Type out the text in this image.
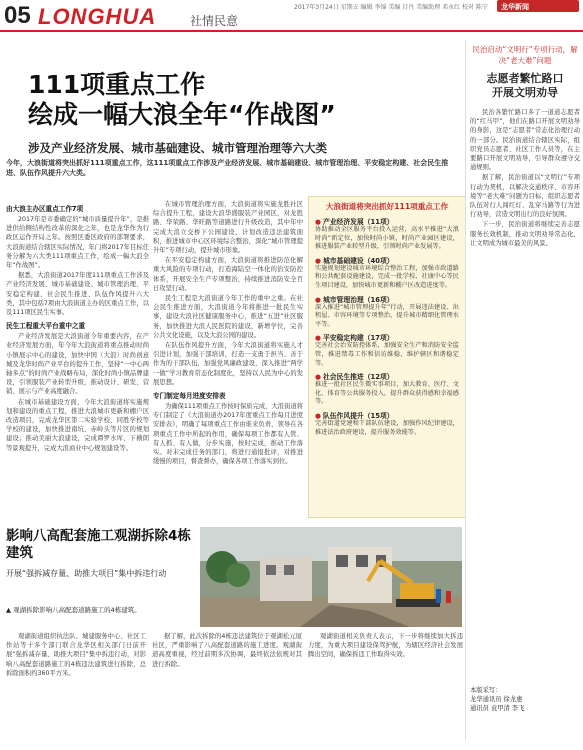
05 LONGHUA	社情民意
2017年3月24日 星期五 编辑 李锦 美编 目丹 美编助理 邓永红 校对 陈宁	龙华新闻
111项重点工作
绘成一幅大浪全年“作战图”
涉及产业经济发展、城市基础建设、城市管理治理等六大类
今年，大浪街道将突出抓好111项重点工作，这111项重点工作涉及产业经济发展、城市基础建设、城市管理治理、平安稳定构建、社会民生推进、队伍作风提升六大类。
由大浪主办区重点工作7项

2017年是市委确定的“城市质量提升年”，是推进供给侧结构性改革的深化之年，也是龙华作为行政区运作开局之年。按照区委区政府的部署要求，大浪街道结合辖区实际情况，年门将2017年目标任务分解为六大类111项重点工作，绘成一幅大浪全年“作战图”。

据悉，大浪街道2017年度111项重点工作涉及产业经济发展、城市基础建设、城市管理治理、平安稳定构建、社会民生推进、队伍作风提升六大类，其中包括7项由大浪街道主办的区重点工作，以及111项区民生实事。

民生工程重大平台重中之重

产业经济发展是大浪街道今年重要内容，在产业经济发展方面，年今年大浪街道将重点推动时尚小镇展示中心的建设，加快中国（大浪）时尚创意城及龙华时尚产业平台的提升工作，坚持“一中心两轴多点”的时尚产业战略布局，深化时尚小镇品牌建设，引领服装产业转型升级，推动设计、研发、营销、展示与产业高度融合。

在城市基础建设方面，今年大浪街道将实施规划和建设的重点工程，推进大浪城市更新和棚户区改造项目，完成龙华区第二实验学校、同胜学校等学校的建设，加快推进南坑、赤岭头等片区的规划建设；推动美丽大浪建设，完成谭罗水库、下横朗等景观提升，完成大浪商业中心规划建设等。

在城市管理治理方面，大浪街道将实施龙胜社区综合提升工程，建设大浪华盛服装产业园区，对龙胜路、华荣路、华旺路等道路进行升级改造，其中年中完成大浪立交桥下公园建设，计划改造违法建筑面积，推进城市中心区环境综合整治，深化“城市管理提升年”专项行动，提升城市形象。

在平安稳定构建方面，大浪街道将推进防范化解重大风险的专项行动，打造海陆空一体化的治安防控体系，开展安全生产专项整治，持续推进消防安全百日攻坚行动。

民生工程是大浪街道今年工作的重中之重。在社会民生推进方面，大浪街道今年将推进一批民生实事，建设大浪社区健康服务中心，推进“五进”社区服务，加快推进大浪人民医院的建设，新增学位，完善公共文化设施，以及大浪公园的建设。

在队伍作风提升方面，今年大浪街道将实施人才引进计划，加强干部培训，打造一支勇于担当、善于作为的干部队伍，加强党风廉政建设，深入推进“两学一做”学习教育常态化制度化，坚持以人民为中心的发展思想。

专门制定每月进度安排表

为确保111项重点工作按时保质完成，大浪街道将专门制定了《大浪街道办2017年度重点工作每月进度安排表》，明确了每项重点工作由谁来负责，领导在各项重点工作中所起的作用，确保每项工作都有人管、有人抓、有人做，分步实施，按时完成，推动工作落实。对未完成任务的部门，将进行通报批评，对推进缓慢的项目，督查督办，确保各项工作落实到位。

大浪街道将突出抓好111项重点工作
● 产业经济发展（11项）

协助推动全区服务平台投入运营，高水平推进“大浪时尚”新定位，加快时尚小镇、时尚产业园区建设，推进服装产业转型升级，引领时尚产业发展等。

● 城市基础建设（40项）

实施规划建设城市环境综合整治工程，加强市政道路和公共配套设施建设，完成一批学校、社康中心等民生项目建设，加快城市更新和棚户区改造进度等。

● 城市管理治理（16项）

深入推进“城市管理提升年”行动，开展违法建设、出租屋、市容环境等专项整治，提升城市精细化管理水平等。

● 平安稳定构建（17项）

完善社会治安防控体系，加强安全生产和消防安全监管，推进禁毒工作和信访维稳，维护辖区和谐稳定等。

● 社会民生推进（12项）

推进一批社区民生微实事项目，加大教育、医疗、文化、体育等公共服务投入，提升群众获得感和幸福感等。

● 队伍作风提升（15项）

完善街道党建和干部队伍建设，加强作风纪律建设，推进法治政府建设，提升服务效能等。

民治启动“文明行”专项行动，解决“老大难”问题
志愿者繁忙路口
开展文明劝导

民治各繁忙路口多了一道道志愿者的“红马甲”，他们在路口开展文明劝导的身影，这是“志愿者”常态化治理行动的一部分。民治街道结合辖区实际，组织党员志愿者、社区工作人员等，在主要路口开展文明劝导，引导群众遵守交通规则。

据了解，民治街道以“文明行”专项行动为契机，以解决交通秩序、市容环境等“老大难”问题为目标，组织志愿者队伍对行人闯红灯、乱穿马路等行为进行劝导，营造文明出行的良好氛围。

下一步，民治街道将继续完善志愿服务长效机制，推动文明劝导常态化，让文明成为城市最美的风景。

本版采写：
龙华通讯员 徐龙惠
通讯员 袁甲清 李飞
影响八高配套施工观湖拆除4栋建筑
开展“强拆减存量、助推大项目”集中拆违行动
▲ 观湖拆除影响八高配套道路施工的4栋建筑。

观湖街道组织执法队、城建服务中心、社区工作站等十多个部门联合龙华区相关部门日前开展“强拆减存量、助推大项目”集中拆违行动，对影响八高配套道路施工的4栋违法建筑进行拆除，总拆除面积约360平方米。

据了解，此次拆除的4栋违法建筑位于观湖松元厦社区，严重影响了八高配套道路的施工进度。观湖街道高度重视，经过前期多次协调，最终依法依规对其进行拆除。

观湖街道相关负责人表示，下一步将继续加大拆违力度，为重大项目建设保驾护航，为辖区经济社会发展腾出空间，确保拆违工作取得实效。
